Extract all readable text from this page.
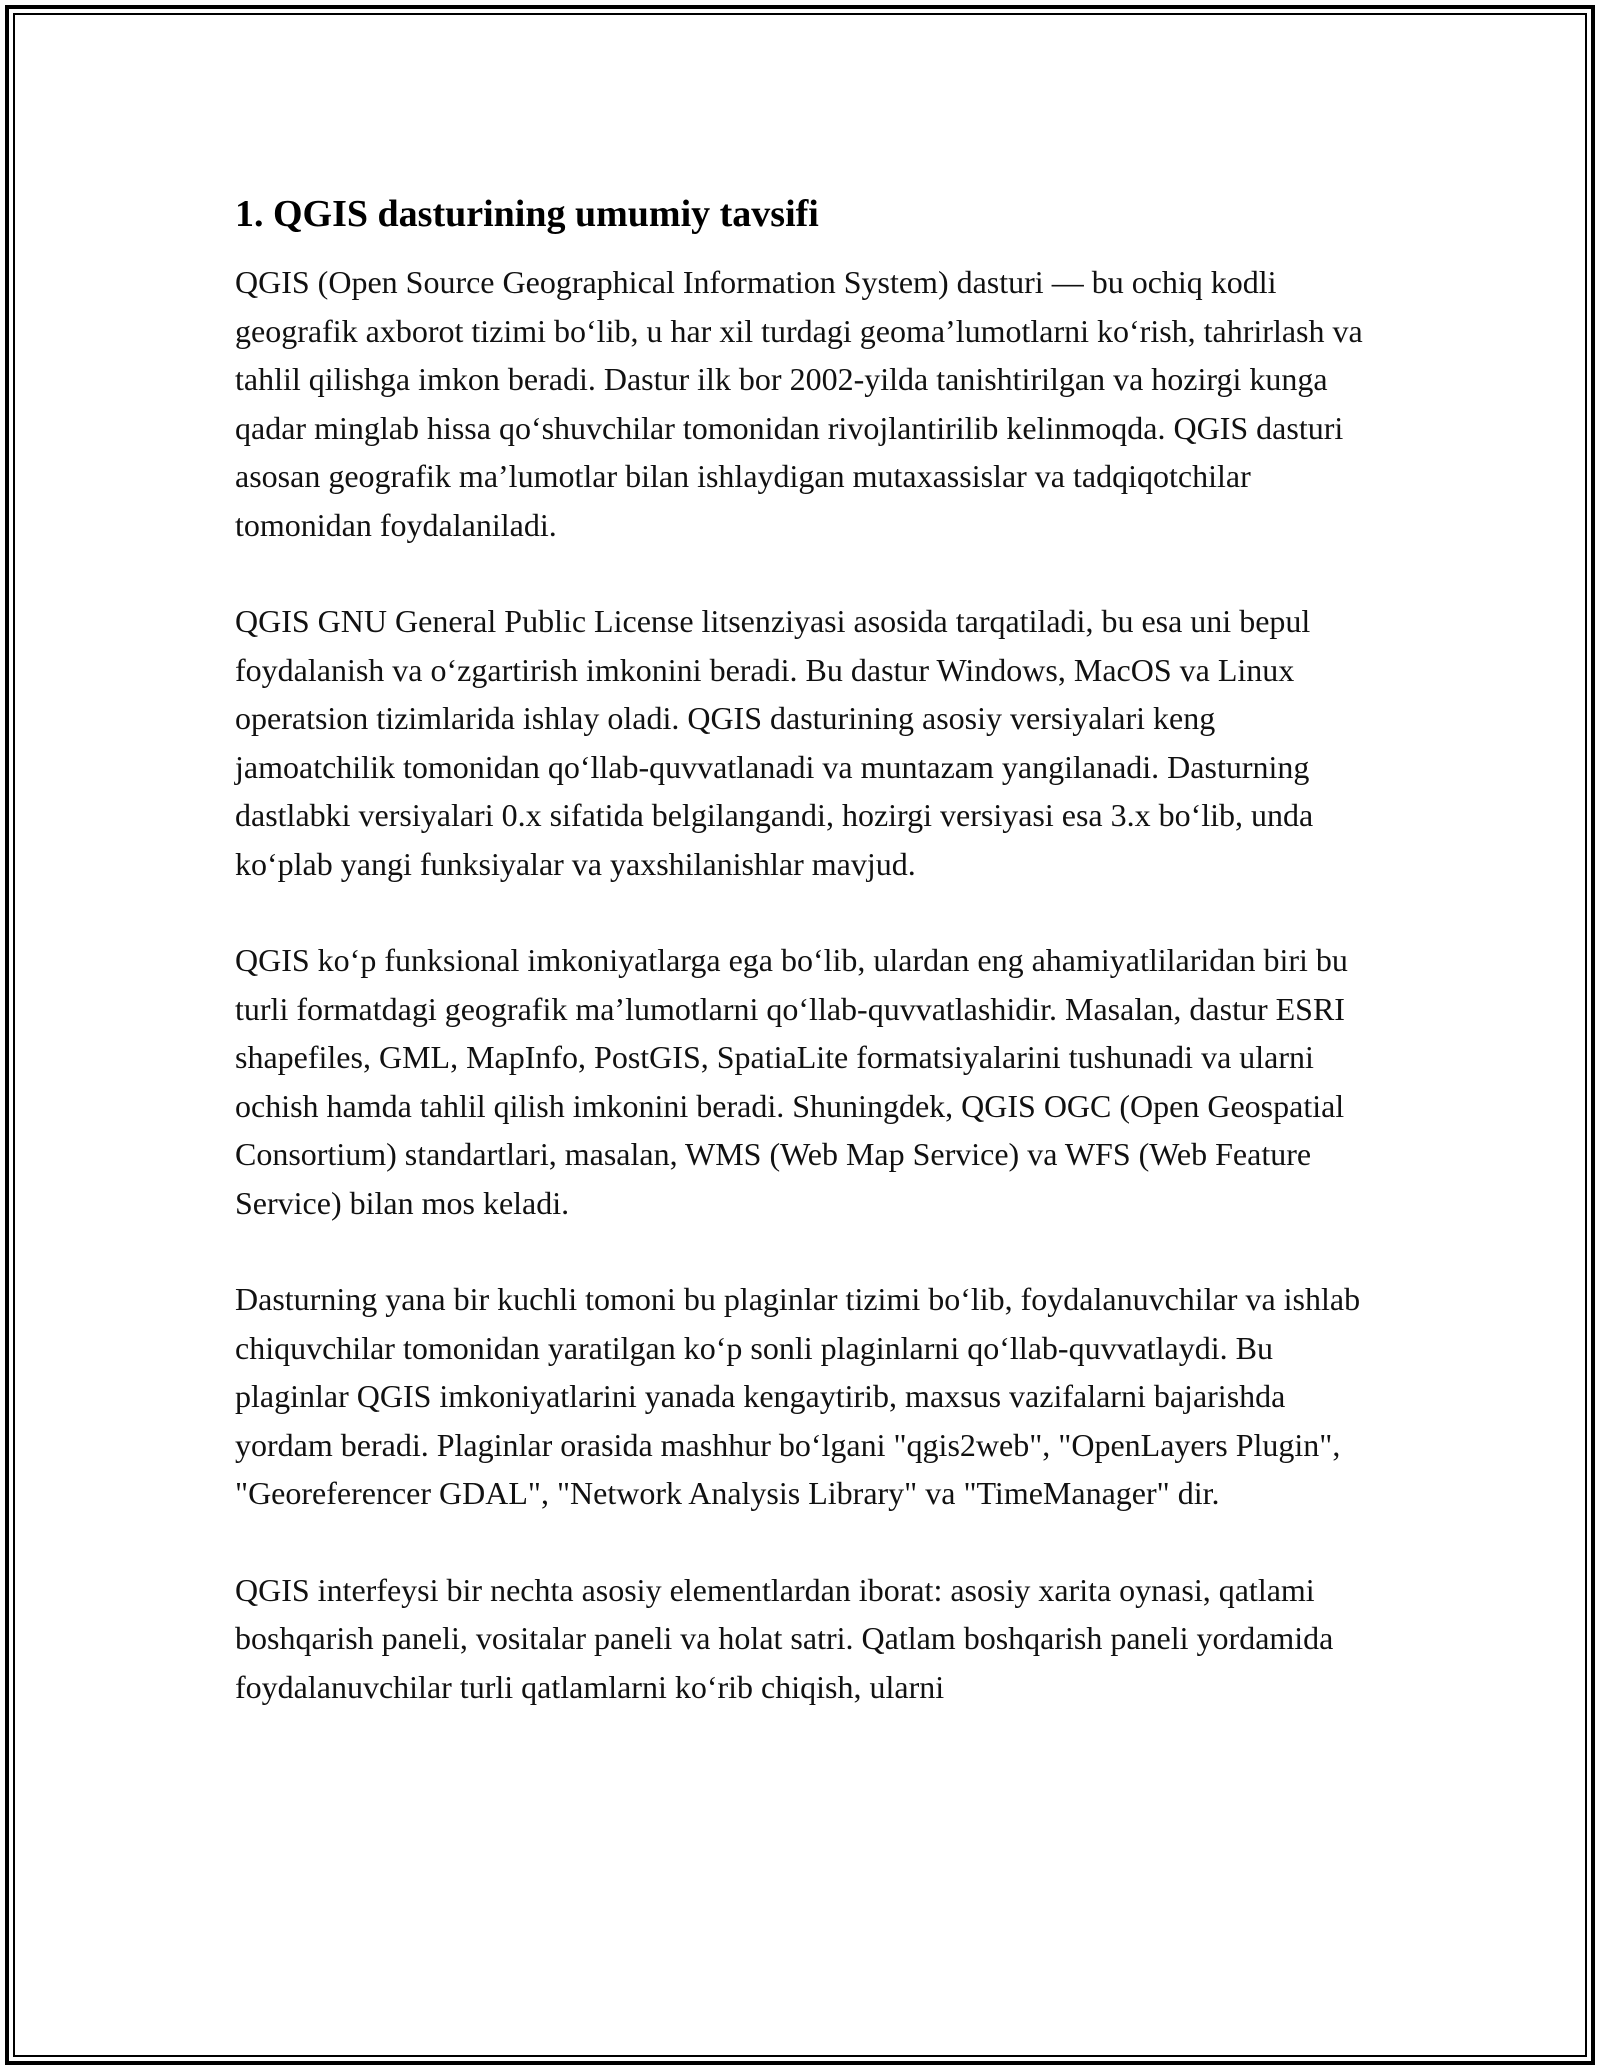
1. QGIS dasturining umumiy tavsifi

QGIS (Open Source Geographical Information System) dasturi — bu ochiq kodli geografik axborot tizimi bo‘lib, u har xil turdagi geoma’lumotlarni ko‘rish, tahrirlash va tahlil qilishga imkon beradi. Dastur ilk bor 2002-yilda tanishtirilgan va hozirgi kunga qadar minglab hissa qo‘shuvchilar tomonidan rivojlantirilib kelinmoqda. QGIS dasturi asosan geografik ma’lumotlar bilan ishlaydigan mutaxassislar va tadqiqotchilar tomonidan foydalaniladi.

QGIS GNU General Public License litsenziyasi asosida tarqatiladi, bu esa uni bepul foydalanish va o‘zgartirish imkonini beradi. Bu dastur Windows, MacOS va Linux operatsion tizimlarida ishlay oladi. QGIS dasturining asosiy versiyalari keng jamoatchilik tomonidan qo‘llab-quvvatlanadi va muntazam yangilanadi. Dasturning dastlabki versiyalari 0.x sifatida belgilangandi, hozirgi versiyasi esa 3.x bo‘lib, unda ko‘plab yangi funksiyalar va yaxshilanishlar mavjud.

QGIS ko‘p funksional imkoniyatlarga ega bo‘lib, ulardan eng ahamiyatlilaridan biri bu turli formatdagi geografik ma’lumotlarni qo‘llab-quvvatlashidir. Masalan, dastur ESRI shapefiles, GML, MapInfo, PostGIS, SpatiaLite formatsiyalarini tushunadi va ularni ochish hamda tahlil qilish imkonini beradi. Shuningdek, QGIS OGC (Open Geospatial Consortium) standartlari, masalan, WMS (Web Map Service) va WFS (Web Feature Service) bilan mos keladi.

Dasturning yana bir kuchli tomoni bu plaginlar tizimi bo‘lib, foydalanuvchilar va ishlab chiquvchilar tomonidan yaratilgan ko‘p sonli plaginlarni qo‘llab-quvvatlaydi. Bu plaginlar QGIS imkoniyatlarini yanada kengaytirib, maxsus vazifalarni bajarishda yordam beradi. Plaginlar orasida mashhur bo‘lgani "qgis2web", "OpenLayers Plugin", "Georeferencer GDAL", "Network Analysis Library" va "TimeManager" dir.

QGIS interfeysi bir nechta asosiy elementlardan iborat: asosiy xarita oynasi, qatlami boshqarish paneli, vositalar paneli va holat satri. Qatlam boshqarish paneli yordamida foydalanuvchilar turli qatlamlarni ko‘rib chiqish, ularni
